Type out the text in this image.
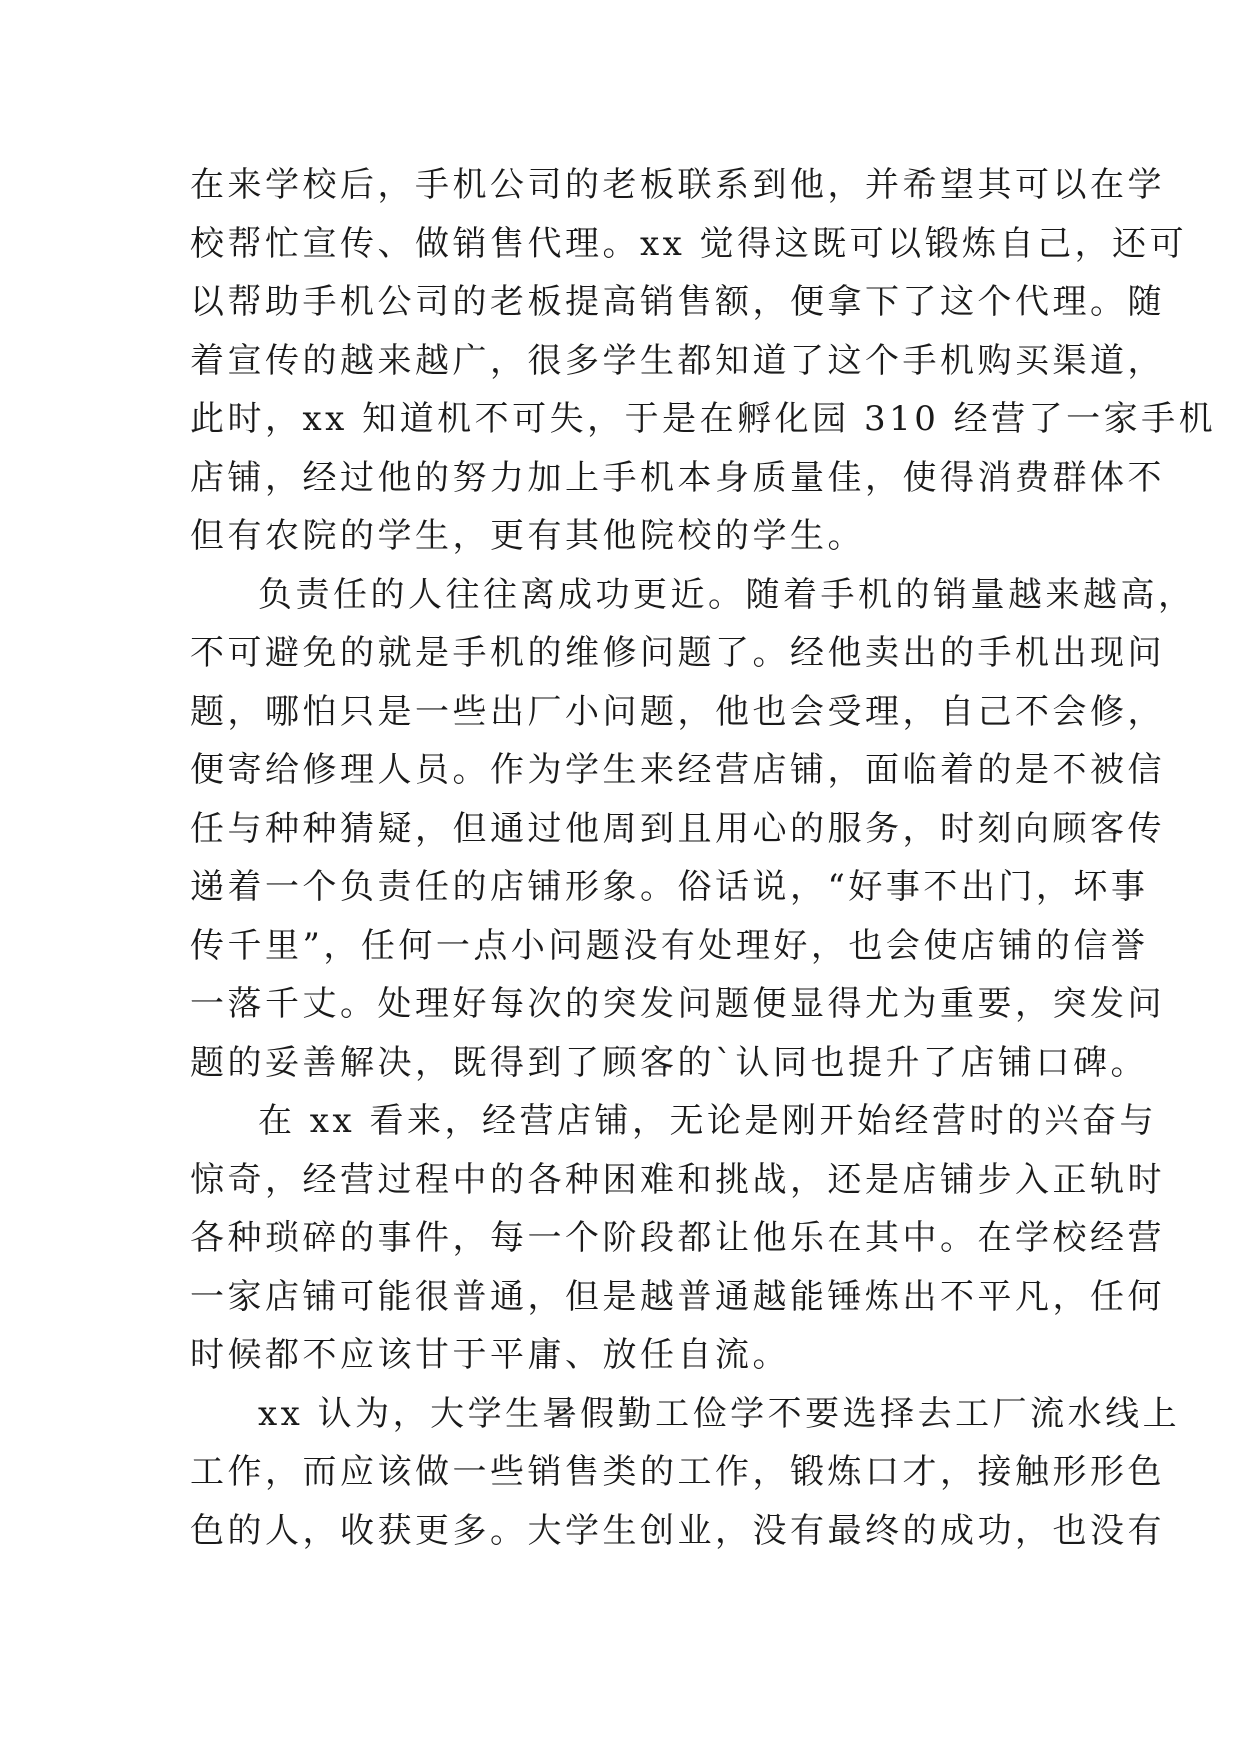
在来学校后，手机公司的老板联系到他，并希望其可以在学
校帮忙宣传、做销售代理。xx 觉得这既可以锻炼自己，还可
以帮助手机公司的老板提高销售额，便拿下了这个代理。随
着宣传的越来越广，很多学生都知道了这个手机购买渠道，
此时，xx 知道机不可失，于是在孵化园 310 经营了一家手机
店铺，经过他的努力加上手机本身质量佳，使得消费群体不
但有农院的学生，更有其他院校的学生。
负责任的人往往离成功更近。随着手机的销量越来越高，
不可避免的就是手机的维修问题了。经他卖出的手机出现问
题，哪怕只是一些出厂小问题，他也会受理，自己不会修，
便寄给修理人员。作为学生来经营店铺，面临着的是不被信
任与种种猜疑，但通过他周到且用心的服务，时刻向顾客传
递着一个负责任的店铺形象。俗话说，“好事不出门，坏事
传千里”，任何一点小问题没有处理好，也会使店铺的信誉
一落千丈。处理好每次的突发问题便显得尤为重要，突发问
题的妥善解决，既得到了顾客的`认同也提升了店铺口碑。
在 xx 看来，经营店铺，无论是刚开始经营时的兴奋与
惊奇，经营过程中的各种困难和挑战，还是店铺步入正轨时
各种琐碎的事件，每一个阶段都让他乐在其中。在学校经营
一家店铺可能很普通，但是越普通越能锤炼出不平凡，任何
时候都不应该甘于平庸、放任自流。
xx 认为，大学生暑假勤工俭学不要选择去工厂流水线上
工作，而应该做一些销售类的工作，锻炼口才，接触形形色
色的人，收获更多。大学生创业，没有最终的成功，也没有
